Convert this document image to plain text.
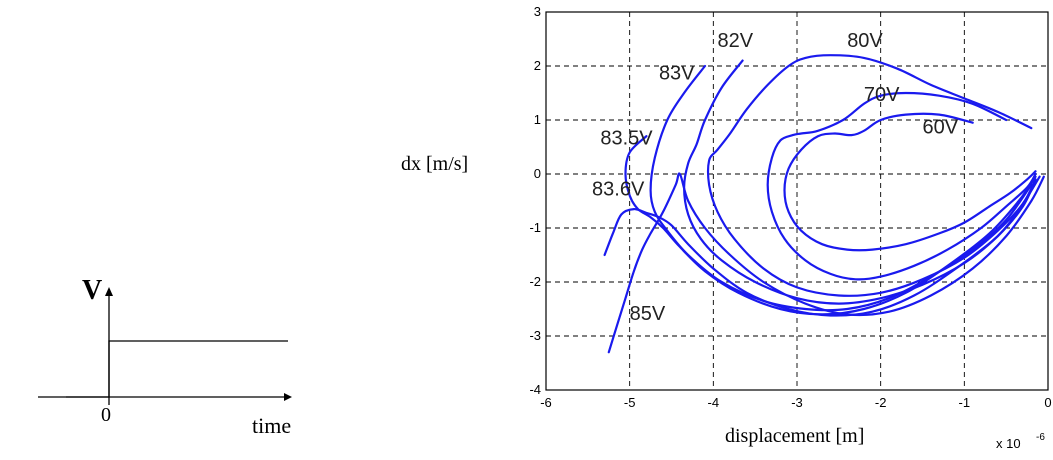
V
0	time
-6	-5	-4	-3	-2	-1	0
3
2
1
0
-1
-2
-3
-4
82V	80V
83V
70V
60V
83.5V
83.6V
85V
dx [m/s]
displacement [m]	x 10 -6
